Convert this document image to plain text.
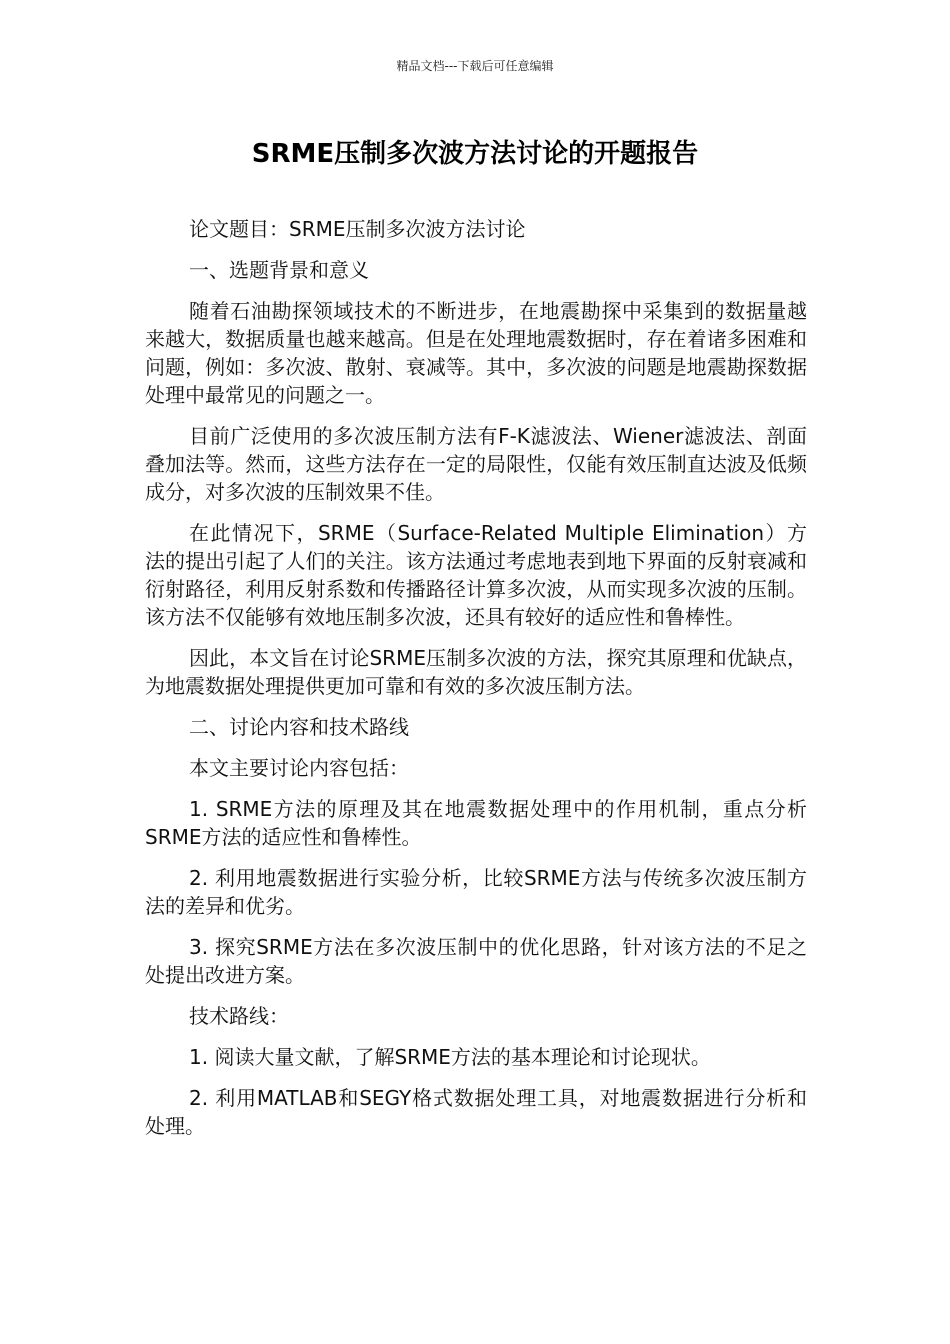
精品文档---下载后可任意编辑
SRME压制多次波方法讨论的开题报告

论文题目：SRME压制多次波方法讨论

一、选题背景和意义

随着石油勘探领域技术的不断进步，在地震勘探中采集到的数据量越来越大，数据质量也越来越高。但是在处理地震数据时，存在着诸多困难和问题，例如：多次波、散射、衰减等。其中，多次波的问题是地震勘探数据处理中最常见的问题之一。

目前广泛使用的多次波压制方法有F-K滤波法、Wiener滤波法、剖面叠加法等。然而，这些方法存在一定的局限性，仅能有效压制直达波及低频成分，对多次波的压制效果不佳。

在此情况下，SRME（Surface-Related Multiple Elimination）方法的提出引起了人们的关注。该方法通过考虑地表到地下界面的反射衰减和衍射路径，利用反射系数和传播路径计算多次波，从而实现多次波的压制。该方法不仅能够有效地压制多次波，还具有较好的适应性和鲁棒性。

因此，本文旨在讨论SRME压制多次波的方法，探究其原理和优缺点，为地震数据处理提供更加可靠和有效的多次波压制方法。

二、讨论内容和技术路线

本文主要讨论内容包括：

1. SRME方法的原理及其在地震数据处理中的作用机制，重点分析SRME方法的适应性和鲁棒性。

2. 利用地震数据进行实验分析，比较SRME方法与传统多次波压制方法的差异和优劣。

3. 探究SRME方法在多次波压制中的优化思路，针对该方法的不足之处提出改进方案。

技术路线：

1. 阅读大量文献，了解SRME方法的基本理论和讨论现状。

2. 利用MATLAB和SEGY格式数据处理工具，对地震数据进行分析和处理。
